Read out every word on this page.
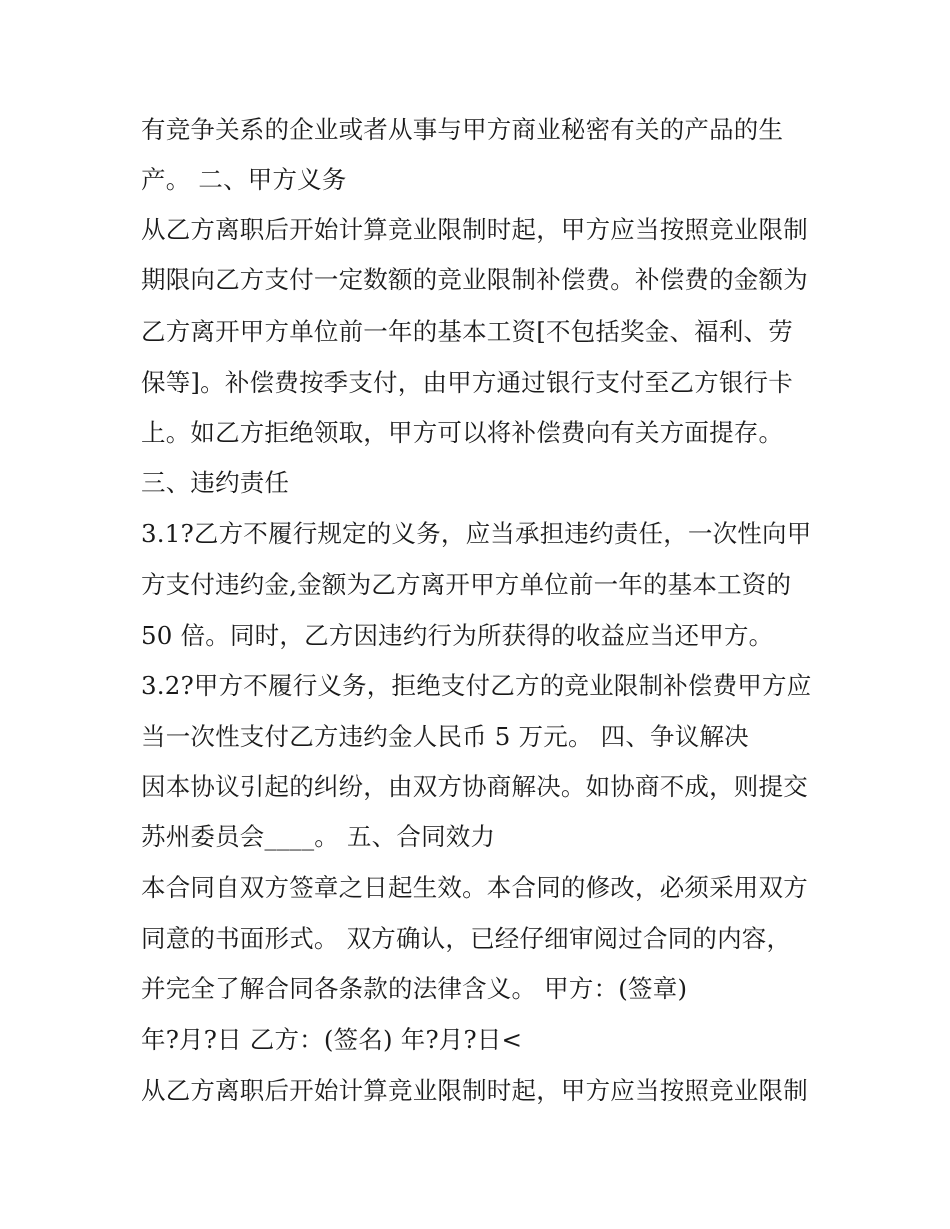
有竞争关系的企业或者从事与甲方商业秘密有关的产品的生
产。 二、甲方义务
从乙方离职后开始计算竞业限制时起，甲方应当按照竞业限制
期限向乙方支付一定数额的竞业限制补偿费。补偿费的金额为
乙方离开甲方单位前一年的基本工资[不包括奖金、福利、劳
保等]。补偿费按季支付，由甲方通过银行支付至乙方银行卡
上。如乙方拒绝领取，甲方可以将补偿费向有关方面提存。
三、违约责任
3.1?乙方不履行规定的义务，应当承担违约责任，一次性向甲
方支付违约金,金额为乙方离开甲方单位前一年的基本工资的
50 倍。同时，乙方因违约行为所获得的收益应当还甲方。
3.2?甲方不履行义务，拒绝支付乙方的竞业限制补偿费甲方应
当一次性支付乙方违约金人民币 5 万元。 四、争议解决
因本协议引起的纠纷，由双方协商解决。如协商不成，则提交
苏州委员会____。 五、合同效力
本合同自双方签章之日起生效。本合同的修改，必须采用双方
同意的书面形式。 双方确认，已经仔细审阅过合同的内容，
并完全了解合同各条款的法律含义。 甲方：(签章)
年?月?日 乙方：(签名) 年?月?日<
从乙方离职后开始计算竞业限制时起，甲方应当按照竞业限制
